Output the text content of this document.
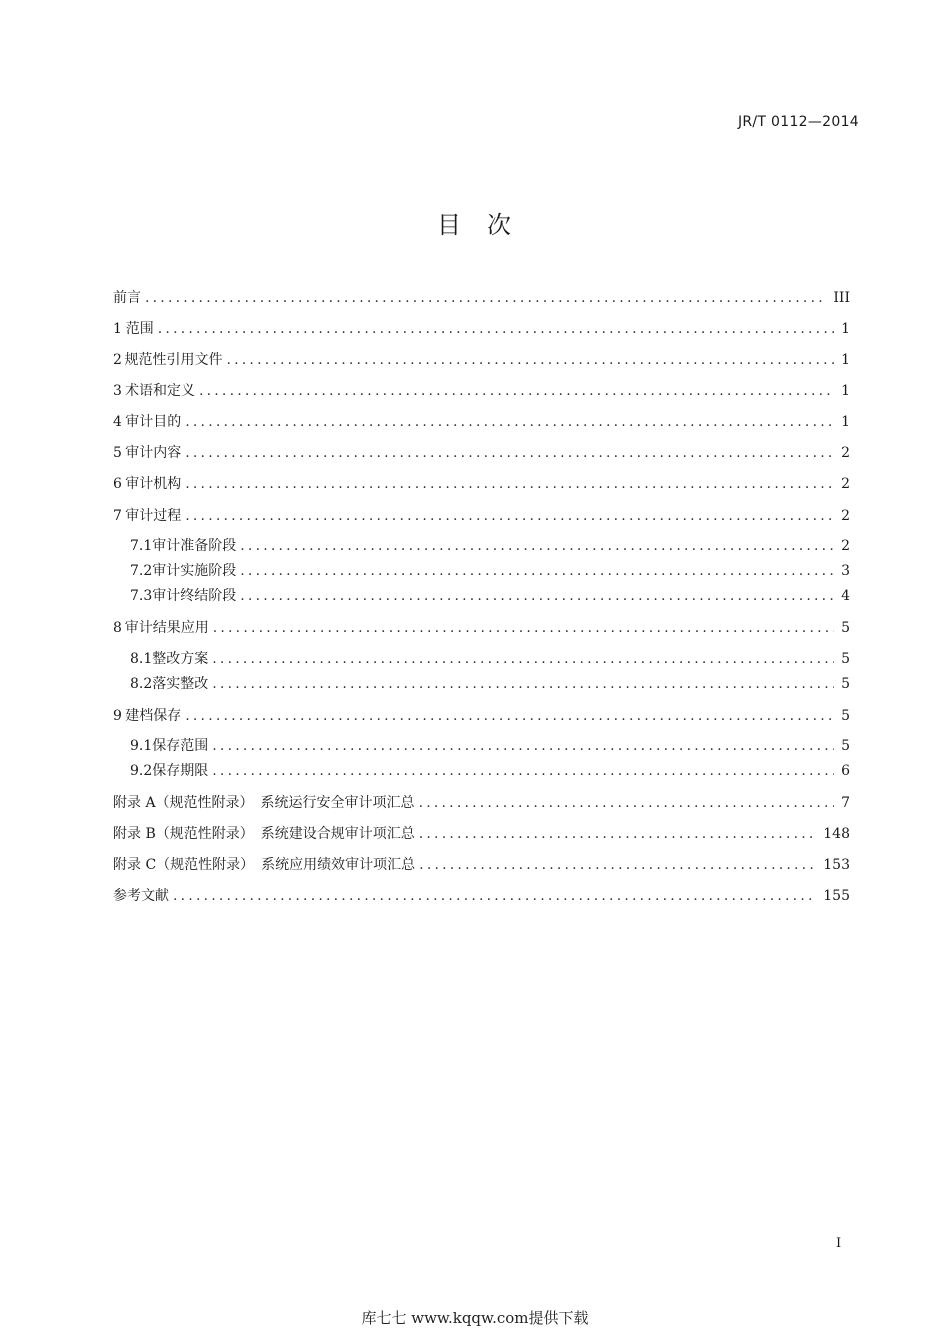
JR/T 0112—2014
目 次
前言 .....	III
1 范围 .....	1
2 规范性引用文件 .....	1
3 术语和定义 .....	1
4 审计目的 .....	1
5 审计内容 .....	2
6 审计机构 .....	2
7 审计过程 .....	2
7.1 审计准备阶段 .....	2
7.2 审计实施阶段 .....	3
7.3 审计终结阶段 .....	4
8 审计结果应用 .....	5
8.1 整改方案 .....	5
8.2 落实整改 .....	5
9 建档保存 .....	5
9.1 保存范围 .....	5
9.2 保存期限 .....	6
附录 A（规范性附录）　系统运行安全审计项汇总 .....	7
附录 B（规范性附录）　系统建设合规审计项汇总 .....	148
附录 C（规范性附录）　系统应用绩效审计项汇总 .....	153
参考文献 .....	155
I
库七七 www.kqqw.com提供下载
